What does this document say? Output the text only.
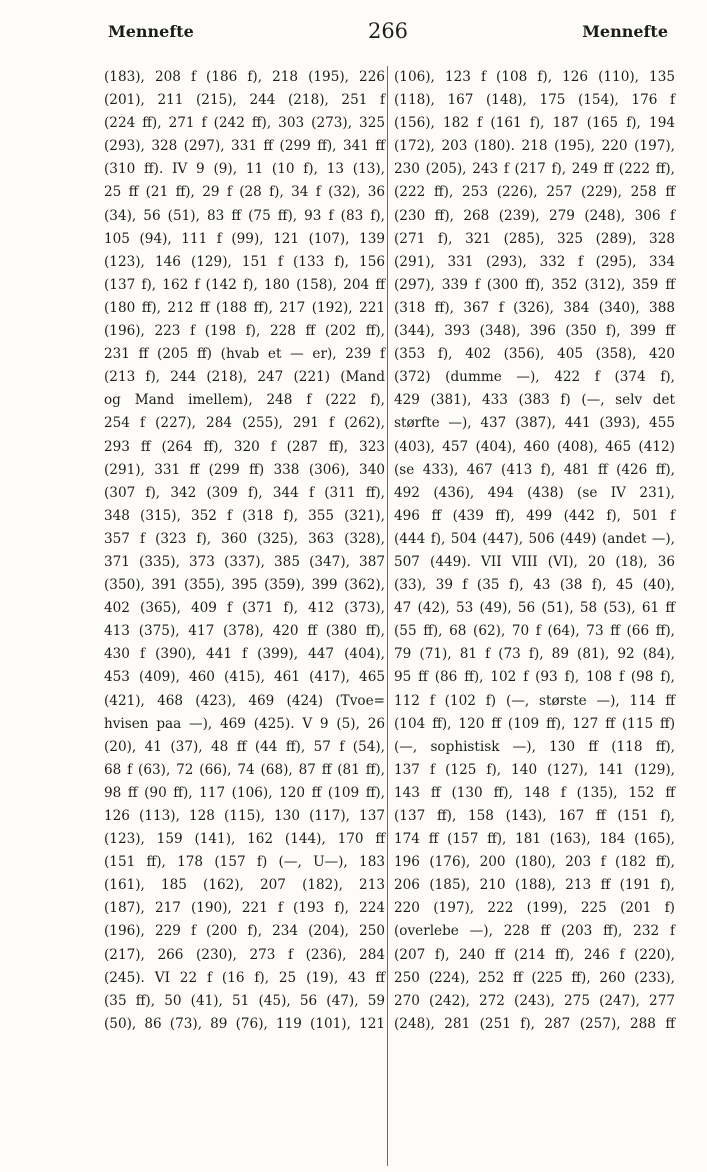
Mennefte	266	Mennefte
(183), 208 f (186 f), 218 (195), 226
(201), 211 (215), 244 (218), 251 f
(224 ff), 271 f (242 ff), 303 (273), 325
(293), 328 (297), 331 ff (299 ff), 341 ff
(310 ff). IV 9 (9), 11 (10 f), 13 (13),
25 ff (21 ff), 29 f (28 f), 34 f (32), 36
(34), 56 (51), 83 ff (75 ff), 93 f (83 f),
105 (94), 111 f (99), 121 (107), 139
(123), 146 (129), 151 f (133 f), 156
(137 f), 162 f (142 f), 180 (158), 204 ff
(180 ff), 212 ff (188 ff), 217 (192), 221
(196), 223 f (198 f), 228 ff (202 ff),
231 ff (205 ff) (hvab et — er), 239 f
(213 f), 244 (218), 247 (221) (Mand
og Mand imellem), 248 f (222 f),
254 f (227), 284 (255), 291 f (262),
293 ff (264 ff), 320 f (287 ff), 323
(291), 331 ff (299 ff) 338 (306), 340
(307 f), 342 (309 f), 344 f (311 ff),
348 (315), 352 f (318 f), 355 (321),
357 f (323 f), 360 (325), 363 (328),
371 (335), 373 (337), 385 (347), 387
(350), 391 (355), 395 (359), 399 (362),
402 (365), 409 f (371 f), 412 (373),
413 (375), 417 (378), 420 ff (380 ff),
430 f (390), 441 f (399), 447 (404),
453 (409), 460 (415), 461 (417), 465
(421), 468 (423), 469 (424) (Tvoe=
hvisen paa —), 469 (425). V 9 (5), 26
(20), 41 (37), 48 ff (44 ff), 57 f (54),
68 f (63), 72 (66), 74 (68), 87 ff (81 ff),
98 ff (90 ff), 117 (106), 120 ff (109 ff),
126 (113), 128 (115), 130 (117), 137
(123), 159 (141), 162 (144), 170 ff
(151 ff), 178 (157 f) (—, U—), 183
(161), 185 (162), 207 (182), 213
(187), 217 (190), 221 f (193 f), 224
(196), 229 f (200 f), 234 (204), 250
(217), 266 (230), 273 f (236), 284
(245). VI 22 f (16 f), 25 (19), 43 ff
(35 ff), 50 (41), 51 (45), 56 (47), 59
(50), 86 (73), 89 (76), 119 (101), 121
(106), 123 f (108 f), 126 (110), 135
(118), 167 (148), 175 (154), 176 f
(156), 182 f (161 f), 187 (165 f), 194
(172), 203 (180). 218 (195), 220 (197),
230 (205), 243 f (217 f), 249 ff (222 ff),
(222 ff), 253 (226), 257 (229), 258 ff
(230 ff), 268 (239), 279 (248), 306 f
(271 f), 321 (285), 325 (289), 328
(291), 331 (293), 332 f (295), 334
(297), 339 f (300 ff), 352 (312), 359 ff
(318 ff), 367 f (326), 384 (340), 388
(344), 393 (348), 396 (350 f), 399 ff
(353 f), 402 (356), 405 (358), 420
(372) (dumme —), 422 f (374 f),
429 (381), 433 (383 f) (—, selv det
størfte —), 437 (387), 441 (393), 455
(403), 457 (404), 460 (408), 465 (412)
(se 433), 467 (413 f), 481 ff (426 ff),
492 (436), 494 (438) (se IV 231),
496 ff (439 ff), 499 (442 f), 501 f
(444 f), 504 (447), 506 (449) (andet —),
507 (449). VII VIII (VI), 20 (18), 36
(33), 39 f (35 f), 43 (38 f), 45 (40),
47 (42), 53 (49), 56 (51), 58 (53), 61 ff
(55 ff), 68 (62), 70 f (64), 73 ff (66 ff),
79 (71), 81 f (73 f), 89 (81), 92 (84),
95 ff (86 ff), 102 f (93 f), 108 f (98 f),
112 f (102 f) (—, største —), 114 ff
(104 ff), 120 ff (109 ff), 127 ff (115 ff)
(—, sophistisk —), 130 ff (118 ff),
137 f (125 f), 140 (127), 141 (129),
143 ff (130 ff), 148 f (135), 152 ff
(137 ff), 158 (143), 167 ff (151 f),
174 ff (157 ff), 181 (163), 184 (165),
196 (176), 200 (180), 203 f (182 ff),
206 (185), 210 (188), 213 ff (191 f),
220 (197), 222 (199), 225 (201 f)
(overlebe —), 228 ff (203 ff), 232 f
(207 f), 240 ff (214 ff), 246 f (220),
250 (224), 252 ff (225 ff), 260 (233),
270 (242), 272 (243), 275 (247), 277
(248), 281 (251 f), 287 (257), 288 ff
